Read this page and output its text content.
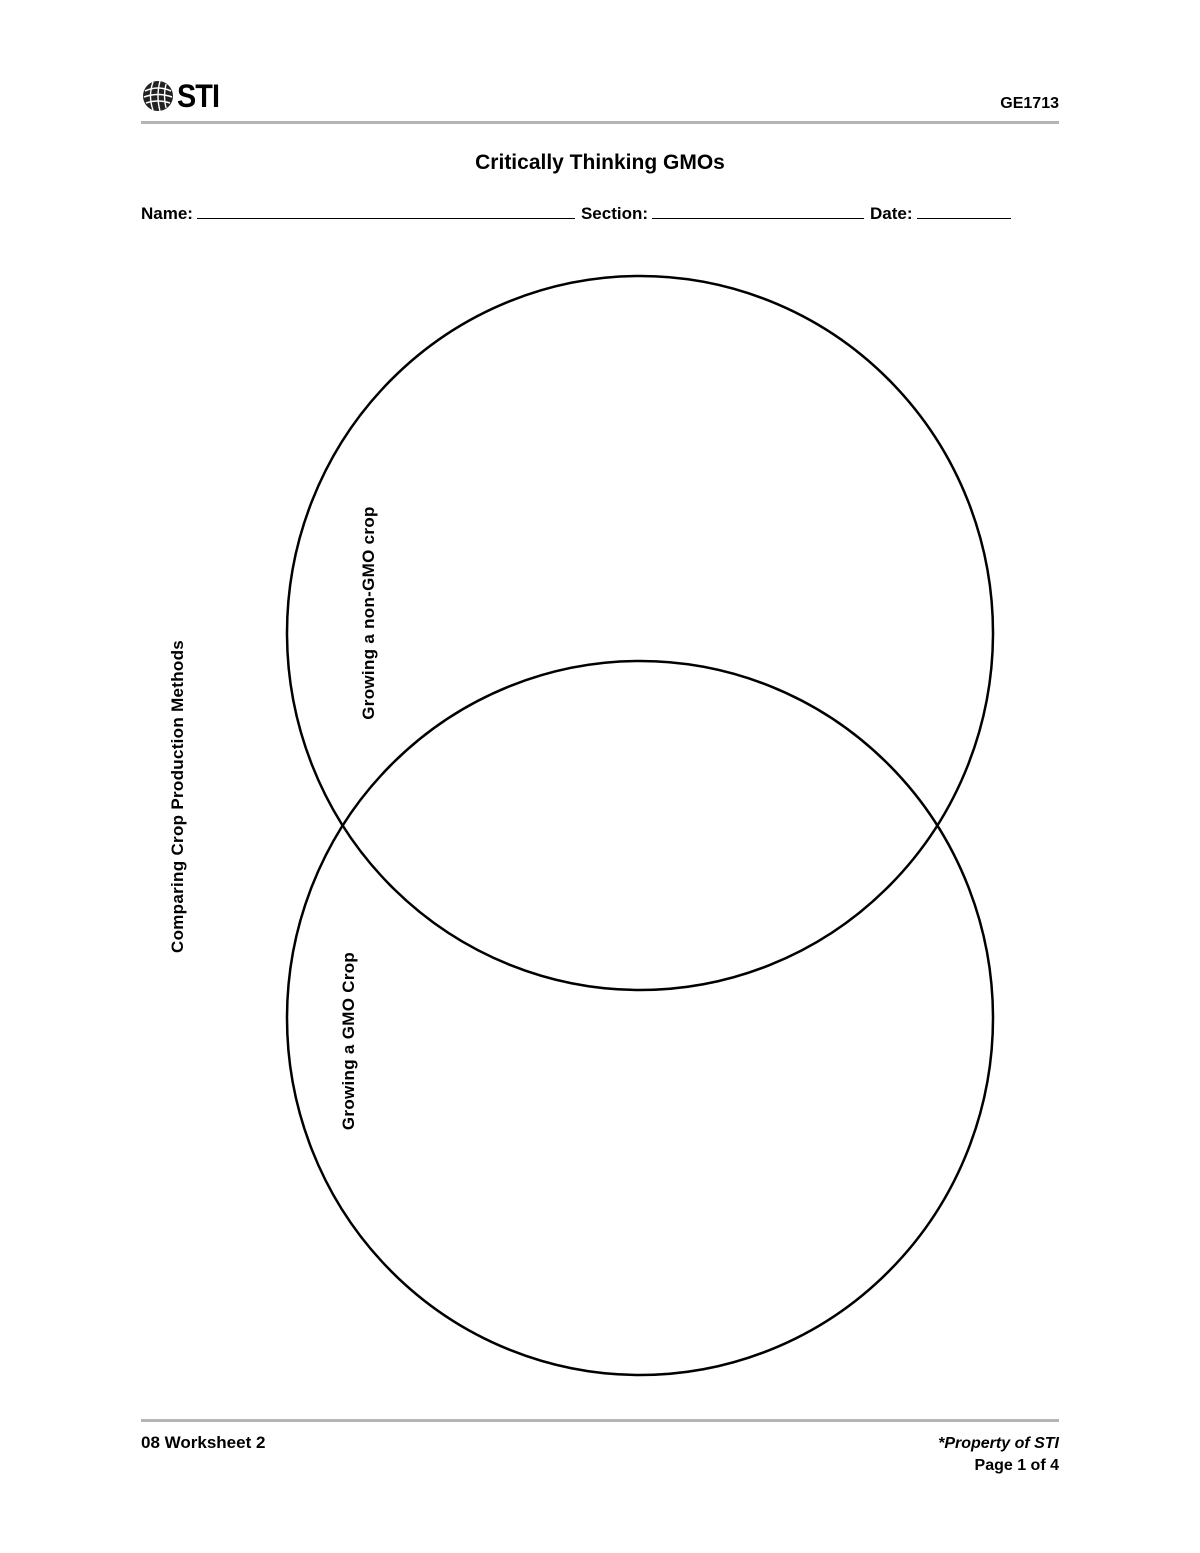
STI	GE1713
Critically Thinking GMOs
Name:	Section:	Date:
Comparing Crop Production Methods
Growing a non-GMO crop
Growing a GMO Crop
08 Worksheet 2	*Property of STI
Page 1 of 4
